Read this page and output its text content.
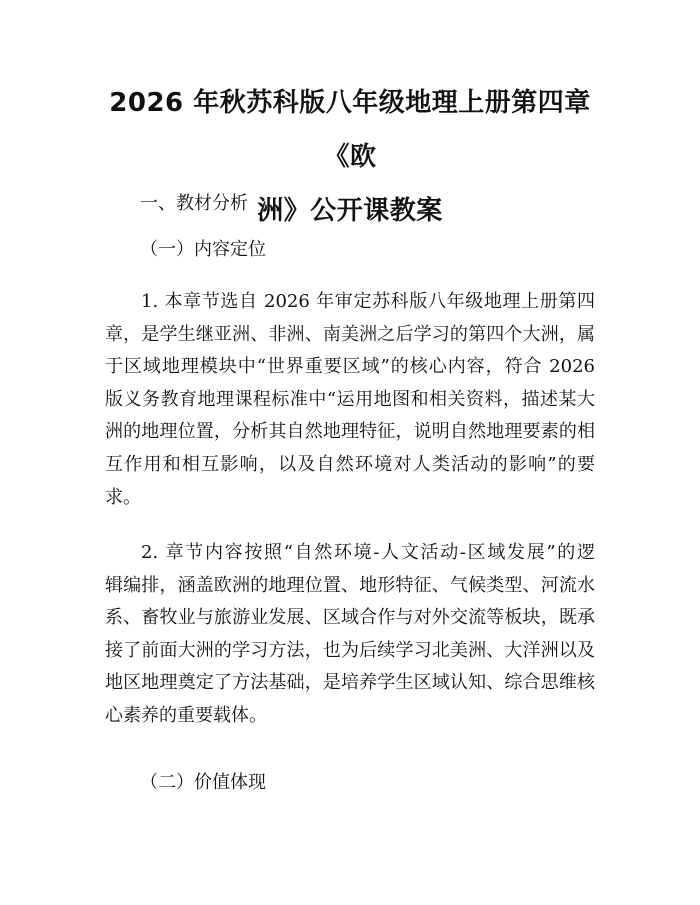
2026 年秋苏科版八年级地理上册第四章《欧
洲》公开课教案
一、教材分析
（一）内容定位
1. 本章节选自 2026 年审定苏科版八年级地理上册第四
章，是学生继亚洲、非洲、南美洲之后学习的第四个大洲，属
于区域地理模块中“世界重要区域”的核心内容，符合 2026
版义务教育地理课程标准中“运用地图和相关资料，描述某大
洲的地理位置，分析其自然地理特征，说明自然地理要素的相
互作用和相互影响，以及自然环境对人类活动的影响”的要
求。
2. 章节内容按照“自然环境-人文活动-区域发展”的逻
辑编排，涵盖欧洲的地理位置、地形特征、气候类型、河流水
系、畜牧业与旅游业发展、区域合作与对外交流等板块，既承
接了前面大洲的学习方法，也为后续学习北美洲、大洋洲以及
地区地理奠定了方法基础，是培养学生区域认知、综合思维核
心素养的重要载体。
（二）价值体现
